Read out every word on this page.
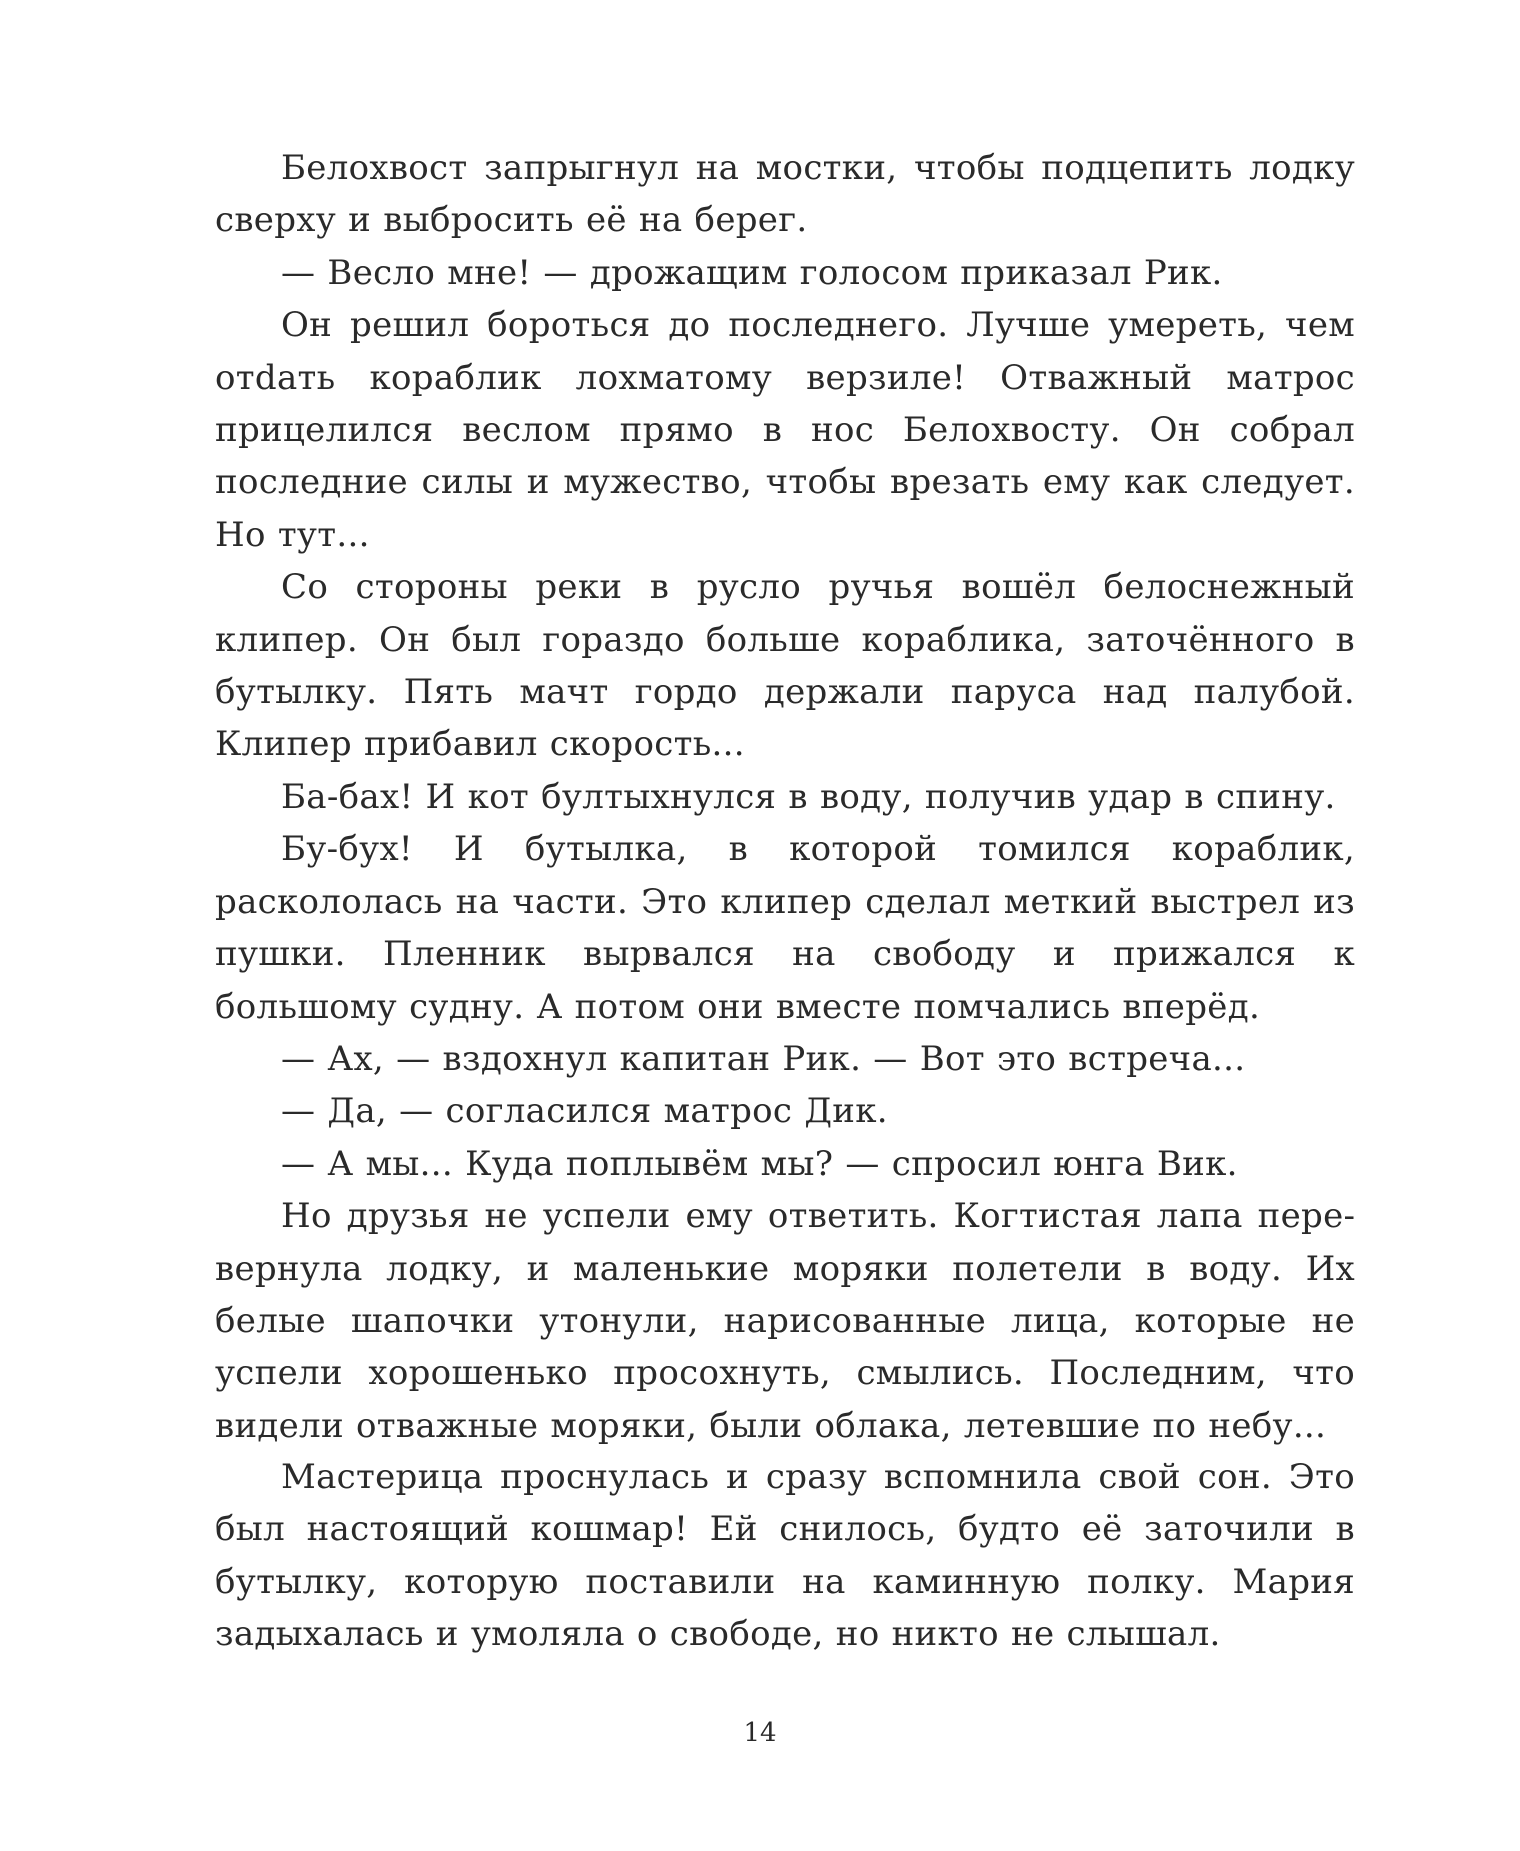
Белохвост запрыгнул на мостки, чтобы подцепить лодку сверху и выбросить её на берег.

— Весло мне! — дрожащим голосом приказал Рик.

Он решил бороться до последнего. Лучше умереть, чем отdать кораблик лохматому верзиле! Отважный матрос прицелился веслом прямо в нос Белохвосту. Он собрал последние силы и мужество, чтобы врезать ему как следует. Но тут...

Со стороны реки в русло ручья вошёл белоснежный клипер. Он был гораздо больше кораблика, заточённого в бутылку. Пять мачт гордо держали паруса над палубой. Клипер прибавил скорость...

Ба-бах! И кот бултыхнулся в воду, получив удар в спину.

Бу-бух! И бутылка, в которой томился кораблик, раскололась на части. Это клипер сделал меткий выстрел из пушки. Пленник вырвался на свободу и прижался к большому судну. А потом они вместе помчались вперёд.

— Ах, — вздохнул капитан Рик. — Вот это встреча...

— Да, — согласился матрос Дик.

— А мы... Куда поплывём мы? — спросил юнга Вик.

Но друзья не успели ему ответить. Когтистая лапа перевернула лодку, и маленькие моряки полетели в воду. Их белые шапочки утонули, нарисованные лица, которые не успели хорошенько просохнуть, смылись. Последним, что видели отважные моряки, были облака, летевшие по небу...

Мастерица проснулась и сразу вспомнила свой сон. Это был настоящий кошмар! Ей снилось, будто её заточили в бутылку, которую поставили на каминную полку. Мария задыхалась и умоляла о свободе, но никто не слышал.

14
